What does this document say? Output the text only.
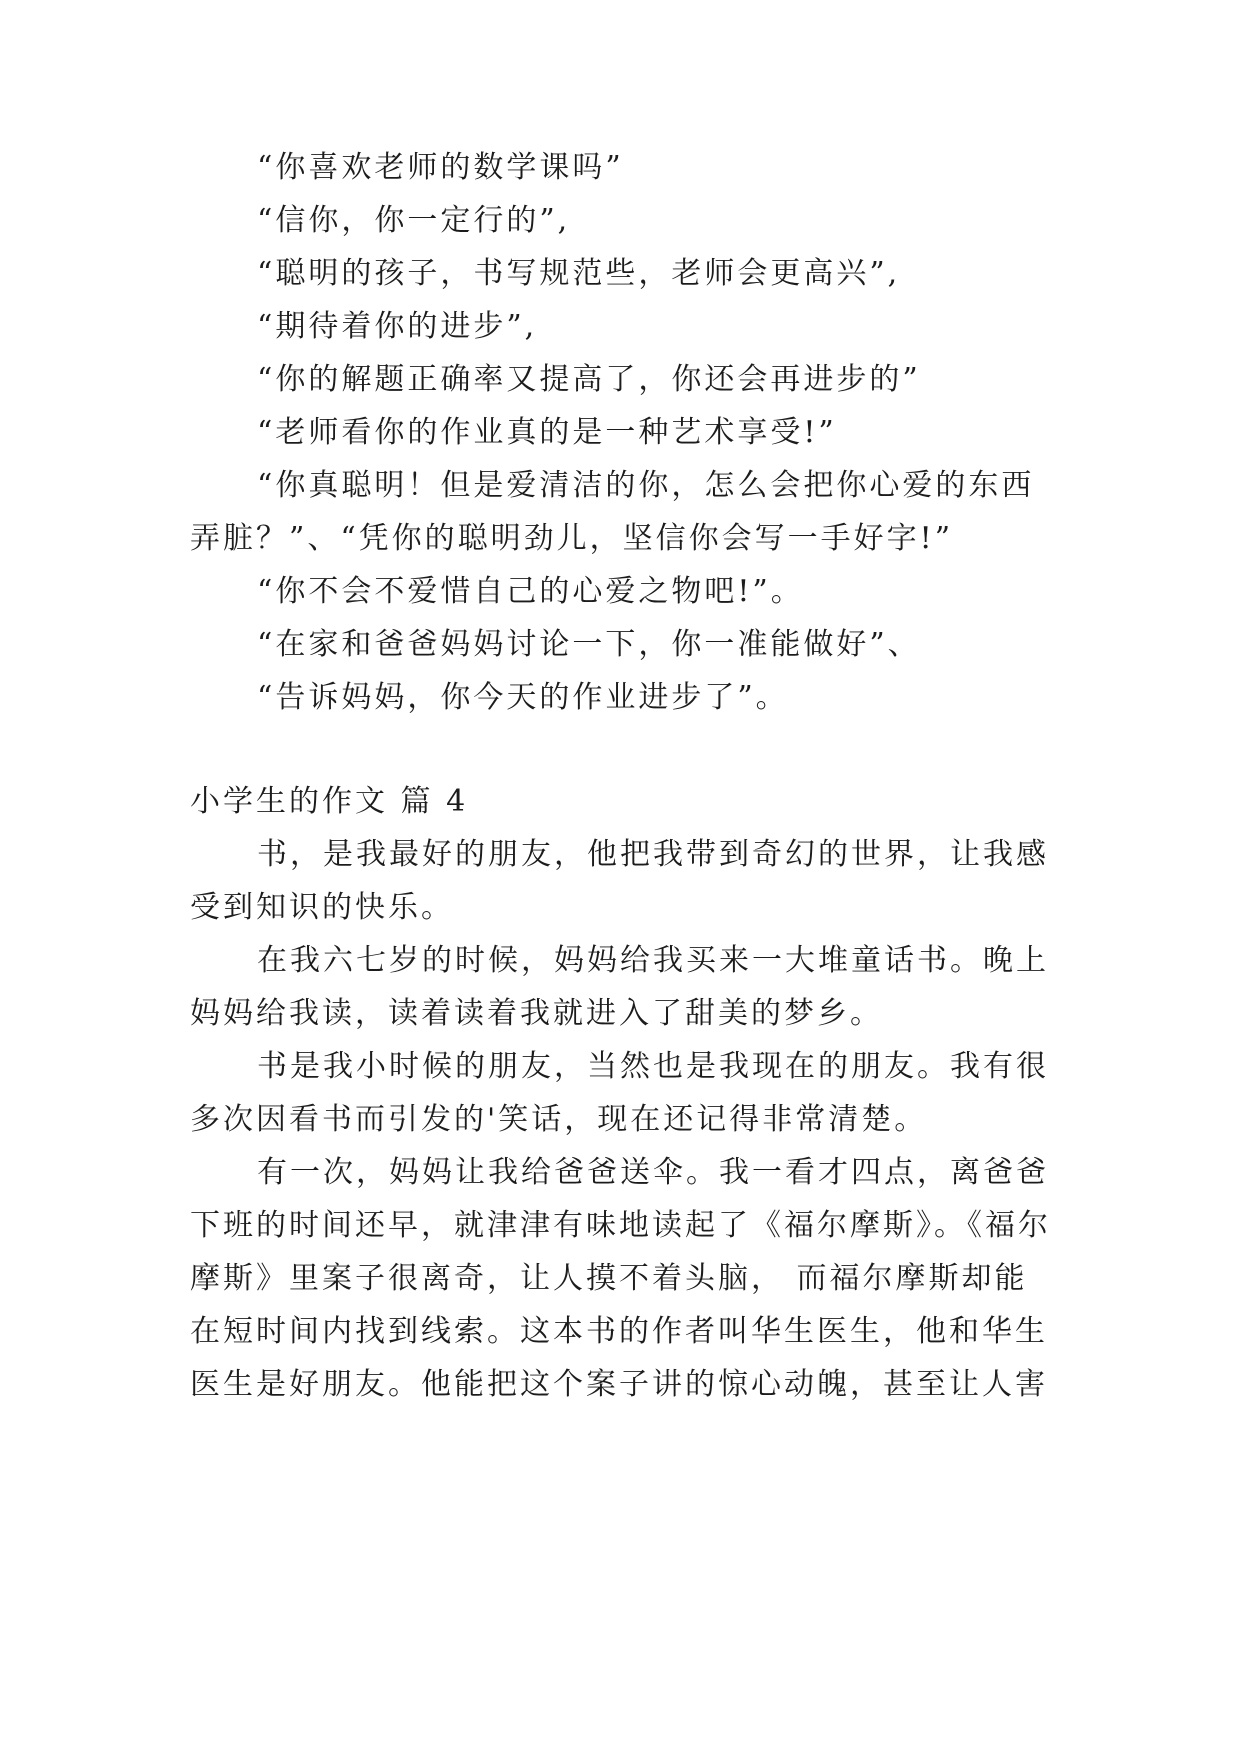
“你喜欢老师的数学课吗”
“信你，你一定行的”,
“聪明的孩子，书写规范些，老师会更高兴”,
“期待着你的进步”,
“你的解题正确率又提高了，你还会再进步的”
“老师看你的作业真的是一种艺术享受!”
“你真聪明！但是爱清洁的你，怎么会把你心爱的东西
弄脏？”、“凭你的聪明劲儿，坚信你会写一手好字!”
“你不会不爱惜自己的心爱之物吧!”。
“在家和爸爸妈妈讨论一下，你一准能做好”、
“告诉妈妈，你今天的作业进步了”。
小学生的作文 篇 4
书，是我最好的朋友，他把我带到奇幻的世界，让我感
受到知识的快乐。
在我六七岁的时候，妈妈给我买来一大堆童话书。晚上
妈妈给我读，读着读着我就进入了甜美的梦乡。
书是我小时候的朋友，当然也是我现在的朋友。我有很
多次因看书而引发的'笑话，现在还记得非常清楚。
有一次，妈妈让我给爸爸送伞。我一看才四点，离爸爸
下班的时间还早，就津津有味地读起了《福尔摩斯》。《福尔
摩斯》里案子很离奇，让人摸不着头脑， 而福尔摩斯却能
在短时间内找到线索。这本书的作者叫华生医生，他和华生
医生是好朋友。他能把这个案子讲的惊心动魄，甚至让人害
